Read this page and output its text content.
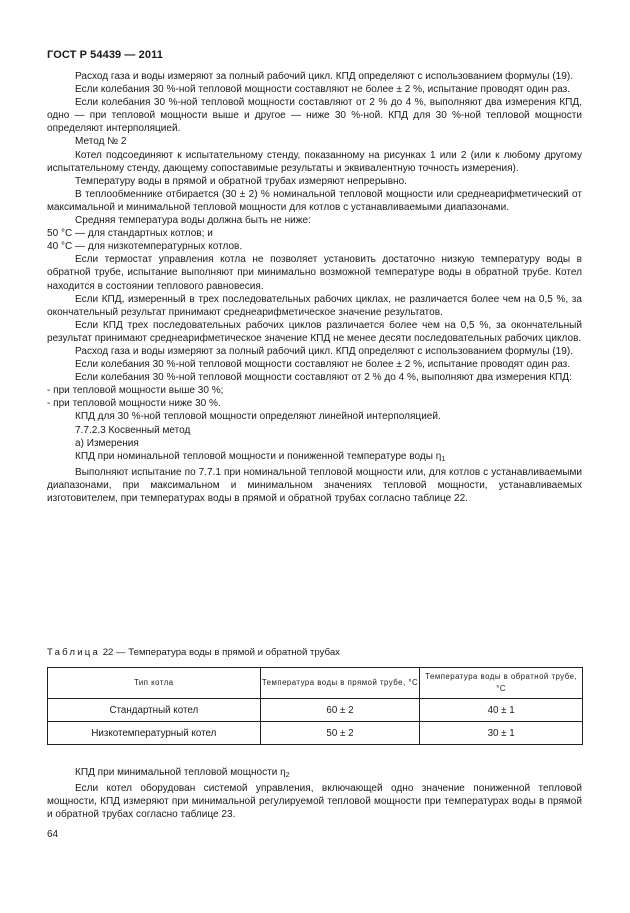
ГОСТ Р 54439 — 2011

Расход газа и воды измеряют за полный рабочий цикл. КПД определяют с использованием формулы (19).

Если колебания 30 %-ной тепловой мощности составляют не более ± 2 %, испытание проводят один раз.

Если колебания 30 %-ной тепловой мощности составляют от 2 % до 4 %, выполняют два измерения КПД, одно — при тепловой мощности выше и другое — ниже 30 %-ной. КПД для 30 %-ной тепловой мощности определяют интерполяцией.

Метод № 2

Котел подсоединяют к испытательному стенду, показанному на рисунках 1 или 2 (или к любому другому испытательному стенду, дающему сопоставимые результаты и эквивалентную точность измерения).

Температуру воды в прямой и обратной трубах измеряют непрерывно.

В теплообменнике отбирается (30 ± 2) % номинальной тепловой мощности или среднеарифметический от максимальной и минимальной тепловой мощности для котлов с устанавливаемыми диапазонами.

Средняя температура воды должна быть не ниже:

50 °С — для стандартных котлов; и

40 °С — для низкотемпературных котлов.

Если термостат управления котла не позволяет установить достаточно низкую температуру воды в обратной трубе, испытание выполняют при минимально возможной температуре воды в обратной трубе. Котел находится в состоянии теплового равновесия.

Если КПД, измеренный в трех последовательных рабочих циклах, не различается более чем на 0,5 %, за окончательный результат принимают среднеарифметическое значение результатов.

Если КПД трех последовательных рабочих циклов различается более чем на 0,5 %, за окончательный результат принимают среднеарифметическое значение КПД не менее десяти последовательных рабочих циклов.

Расход газа и воды измеряют за полный рабочий цикл. КПД определяют с использованием формулы (19).

Если колебания 30 %-ной тепловой мощности составляют не более ± 2 %, испытание проводят один раз.

Если колебания 30 %-ной тепловой мощности составляют от 2 % до 4 %, выполняют два измерения КПД:

- при тепловой мощности выше 30 %;

- при тепловой мощности ниже 30 %.

КПД для 30 %-ной тепловой мощности определяют линейной интерполяцией.

7.7.2.3 Косвенный метод

а) Измерения

КПД при номинальной тепловой мощности и пониженной температуре воды $\eta_1$

Выполняют испытание по 7.7.1 при номинальной тепловой мощности или, для котлов с устанавливаемыми диапазонами, при максимальном и минимальном значениях тепловой мощности, устанавливаемых изготовителем, при температурах воды в прямой и обратной трубах согласно таблице 22.

Таблица 22 — Температура воды в прямой и обратной трубах
Тип котла	Температура воды в прямой трубе, °С	Температура воды в обратной трубе, °С
Стандартный котел	60 ± 2	40 ± 1
Низкотемпературный котел	50 ± 2	30 ± 1

КПД при минимальной тепловой мощности $\eta_2$

Если котел оборудован системой управления, включающей одно значение пониженной тепловой мощности, КПД измеряют при минимальной регулируемой тепловой мощности при температурах воды в прямой и обратной трубах согласно таблице 23.

64
